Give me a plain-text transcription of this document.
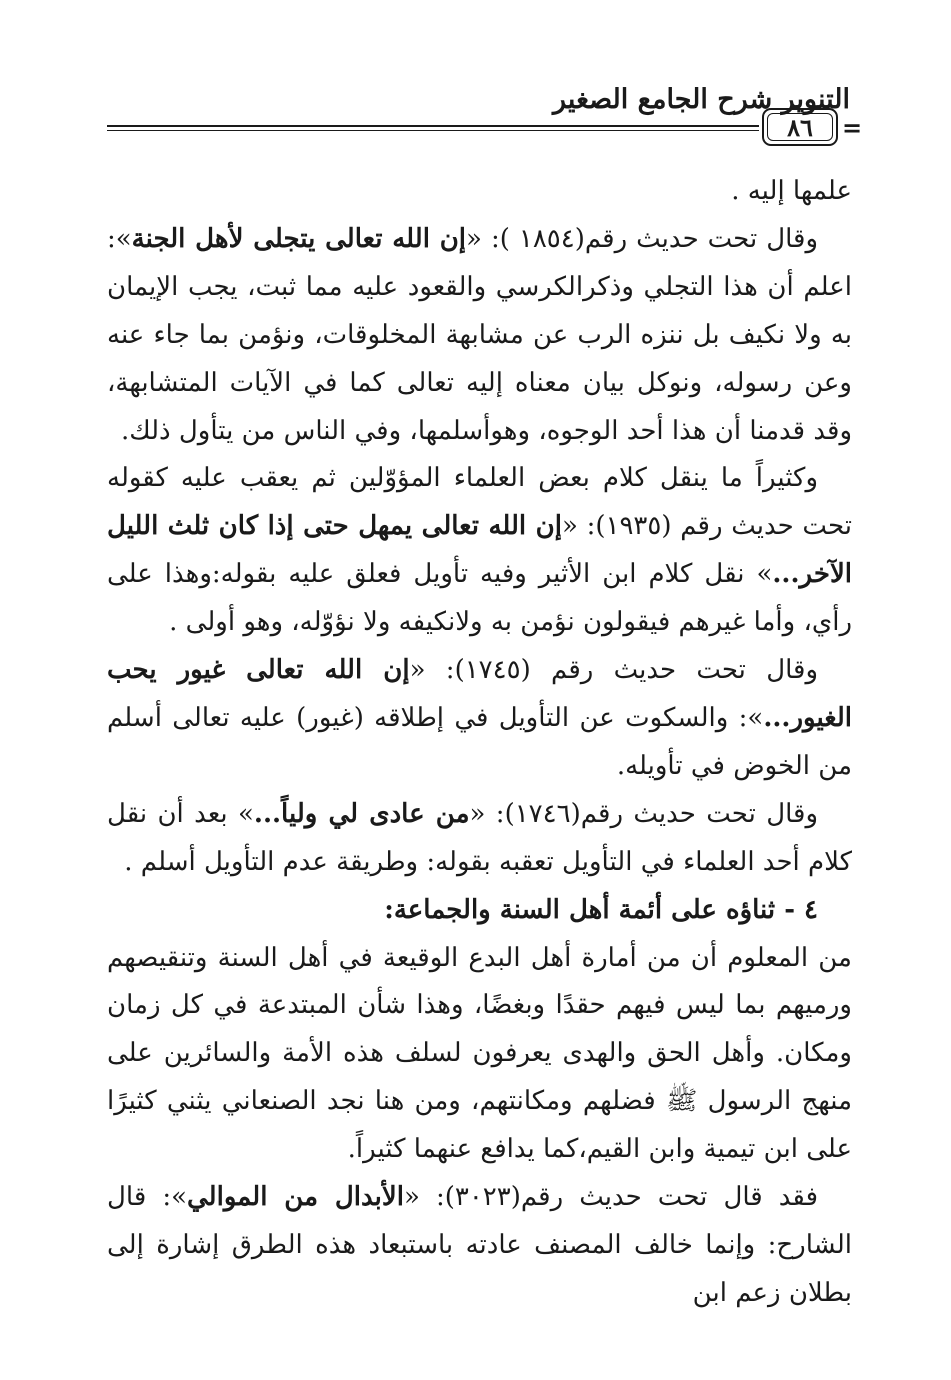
التنوير شرح الجامع الصغير
٨٦	=

علمها إليه .

وقال تحت حديث رقم(١٨٥٤ ): «إن الله تعالى يتجلى لأهل الجنة»: اعلم أن هذا التجلي وذكرالكرسي والقعود عليه مما ثبت، يجب الإيمان به ولا نكيف بل ننزه الرب عن مشابهة المخلوقات، ونؤمن بما جاء عنه وعن رسوله، ونوكل بيان معناه إليه تعالى كما في الآيات المتشابهة، وقد قدمنا أن هذا أحد الوجوه، وهوأسلمها، وفي الناس من يتأول ذلك.

وكثيراً ما ينقل كلام بعض العلماء المؤوّلين ثم يعقب عليه كقوله تحت حديث رقم (١٩٣٥): «إن الله تعالى يمهل حتى إذا كان ثلث الليل الآخر...» نقل كلام ابن الأثير وفيه تأويل فعلق عليه بقوله:وهذا على رأي، وأما غيرهم فيقولون نؤمن به ولانكيفه ولا نؤوّله، وهو أولى .

وقال تحت حديث رقم (١٧٤٥): «إن الله تعالى غيور يحب الغيور...»: والسكوت عن التأويل في إطلاقه (غيور) عليه تعالى أسلم من الخوض في تأويله.

وقال تحت حديث رقم(١٧٤٦): «من عادى لي ولياً...» بعد أن نقل كلام أحد العلماء في التأويل تعقبه بقوله: وطريقة عدم التأويل أسلم .

٤ - ثناؤه على أئمة أهل السنة والجماعة:

من المعلوم أن من أمارة أهل البدع الوقيعة في أهل السنة وتنقيصهم ورميهم بما ليس فيهم حقدًا وبغضًا، وهذا شأن المبتدعة في كل زمان ومكان. وأهل الحق والهدى يعرفون لسلف هذه الأمة والسائرين على منهج الرسول ﷺ فضلهم ومكانتهم، ومن هنا نجد الصنعاني يثني كثيرًا على ابن تيمية وابن القيم،كما يدافع عنهما كثيراً.

فقد قال تحت حديث رقم(٣٠٢٣): «الأبدال من الموالي»: قال الشارح: وإنما خالف المصنف عادته باستبعاد هذه الطرق إشارة إلى بطلان زعم ابن
